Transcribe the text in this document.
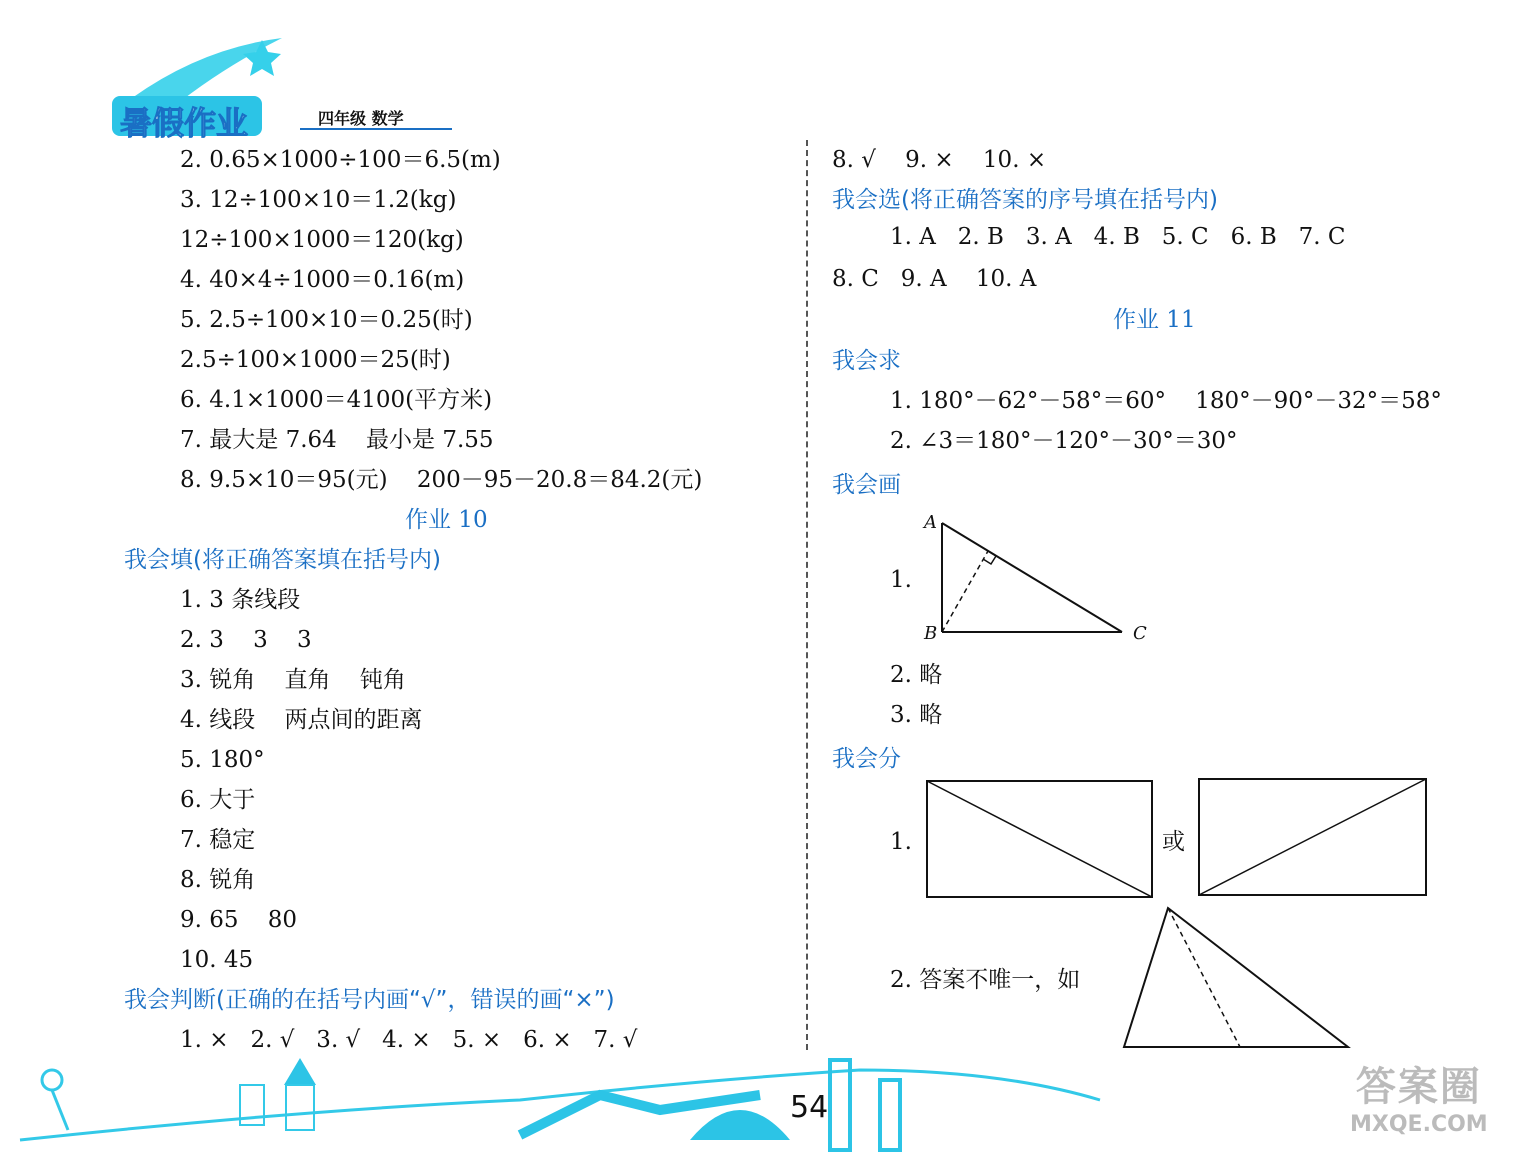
暑假作业	四年级 数学
2. 0.65×1000÷100＝6.5(m)
3. 12÷100×10＝1.2(kg)
12÷100×1000＝120(kg)
4. 40×4÷1000＝0.16(m)
5. 2.5÷100×10＝0.25(时)
2.5÷100×1000＝25(时)
6. 4.1×1000＝4100(平方米)
7. 最大是 7.64    最小是 7.55
8. 9.5×10＝95(元)    200－95－20.8＝84.2(元)
作业 10
我会填(将正确答案填在括号内)
1. 3 条线段
2. 3    3    3
3. 锐角    直角    钝角
4. 线段    两点间的距离
5. 180°
6. 大于
7. 稳定
8. 锐角
9. 65    80
10. 45
我会判断(正确的在括号内画“√”，错误的画“×”)
1. ×   2. √   3. √   4. ×   5. ×   6. ×   7. √
8. √    9. ×    10. ×
我会选(将正确答案的序号填在括号内)
1. A   2. B   3. A   4. B   5. C   6. B   7. C
8. C   9. A    10. A
作业 11
我会求
1. 180°－62°－58°＝60°    180°－90°－32°＝58°
2. ∠3＝180°－120°－30°＝30°
我会画
1.
A
B	C
2. 略
3. 略
我会分
1.	或
2. 答案不唯一，如
54	答案圈
MXQE.COM
